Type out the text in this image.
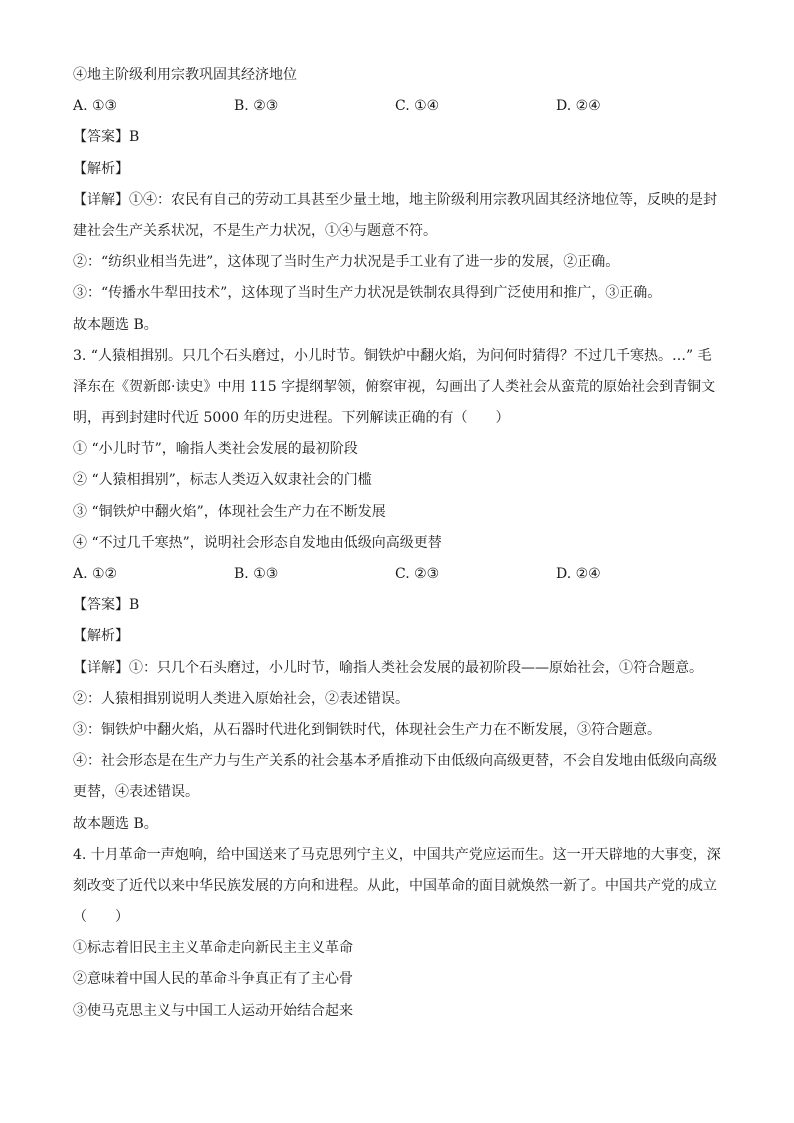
④地主阶级利用宗教巩固其经济地位
A. ①③	B. ②③	C. ①④	D. ②④
【答案】B
【解析】
【详解】①④：农民有自己的劳动工具甚至少量土地，地主阶级利用宗教巩固其经济地位等，反映的是封
建社会生产关系状况，不是生产力状况，①④与题意不符。
②：“纺织业相当先进”，这体现了当时生产力状况是手工业有了进一步的发展，②正确。
③：“传播水牛犁田技术”，这体现了当时生产力状况是铁制农具得到广泛使用和推广，③正确。
故本题选 B。
3. “人猿相揖别。只几个石头磨过，小儿时节。铜铁炉中翻火焰，为问何时猜得？不过几千寒热。…” 毛
泽东在《贺新郎·读史》中用 115 字提纲挈领，俯察审视，勾画出了人类社会从蛮荒的原始社会到青铜文
明，再到封建时代近 5000 年的历史进程。下列解读正确的有（　　）
① “小儿时节”，喻指人类社会发展的最初阶段
② “人猿相揖别”，标志人类迈入奴隶社会的门槛
③ “铜铁炉中翻火焰”，体现社会生产力在不断发展
④ “不过几千寒热”，说明社会形态自发地由低级向高级更替
A. ①②	B. ①③	C. ②③	D. ②④
【答案】B
【解析】
【详解】①：只几个石头磨过，小儿时节，喻指人类社会发展的最初阶段——原始社会，①符合题意。
②：人猿相揖别说明人类进入原始社会，②表述错误。
③：铜铁炉中翻火焰，从石器时代进化到铜铁时代，体现社会生产力在不断发展，③符合题意。
④：社会形态是在生产力与生产关系的社会基本矛盾推动下由低级向高级更替，不会自发地由低级向高级
更替，④表述错误。
故本题选 B。
4. 十月革命一声炮响，给中国送来了马克思列宁主义，中国共产党应运而生。这一开天辟地的大事变，深
刻改变了近代以来中华民族发展的方向和进程。从此，中国革命的面目就焕然一新了。中国共产党的成立
（　　）
①标志着旧民主主义革命走向新民主主义革命
②意味着中国人民的革命斗争真正有了主心骨
③使马克思主义与中国工人运动开始结合起来
